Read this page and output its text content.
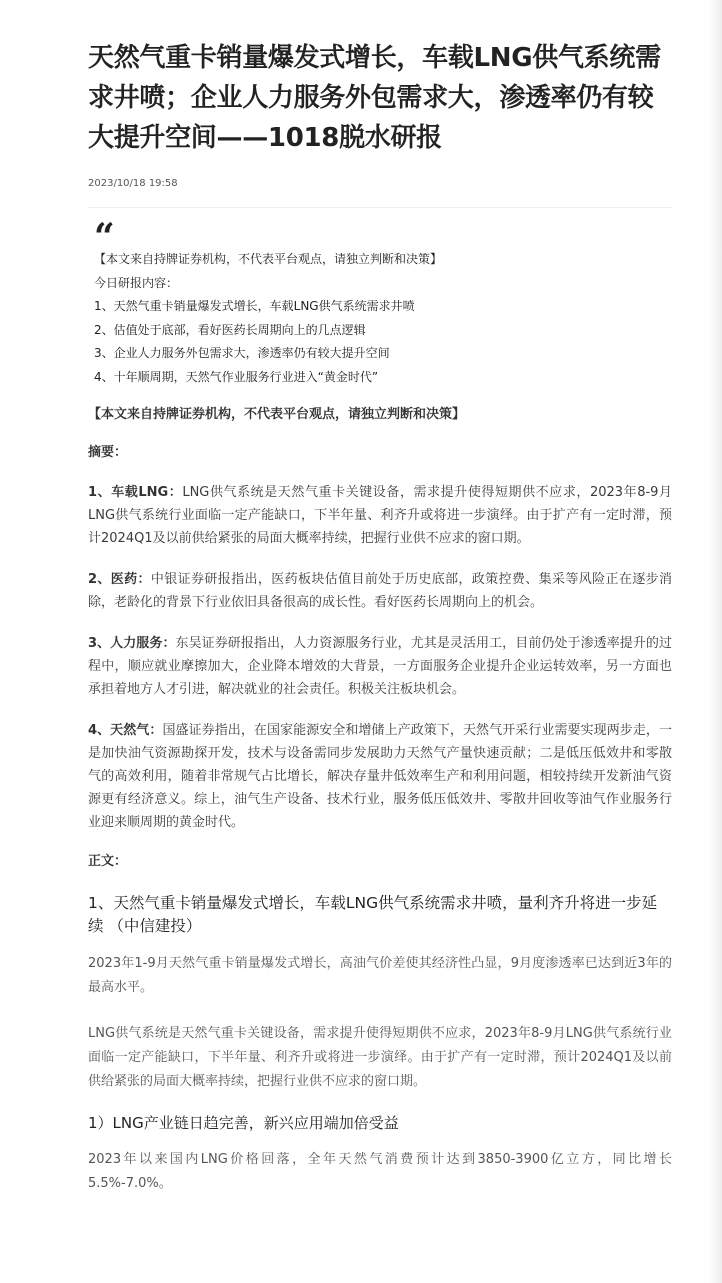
天然气重卡销量爆发式增长，车载LNG供气系统需求井喷；企业人力服务外包需求大，渗透率仍有较大提升空间——1018脱水研报
2023/10/18 19:58
“
【本文来自持牌证券机构，不代表平台观点，请独立判断和决策】
今日研报内容：
1、天然气重卡销量爆发式增长，车载LNG供气系统需求井喷
2、估值处于底部，看好医药长周期向上的几点逻辑
3、企业人力服务外包需求大，渗透率仍有较大提升空间
4、十年顺周期，天然气作业服务行业进入“黄金时代”
【本文来自持牌证券机构，不代表平台观点，请独立判断和决策】
摘要：
1、车载LNG：LNG供气系统是天然气重卡关键设备，需求提升使得短期供不应求，2023年8-9月LNG供气系统行业面临一定产能缺口，下半年量、利齐升或将进一步演绎。由于扩产有一定时滞，预计2024Q1及以前供给紧张的局面大概率持续，把握行业供不应求的窗口期。
2、医药：中银证券研报指出，医药板块估值目前处于历史底部，政策控费、集采等风险正在逐步消除，老龄化的背景下行业依旧具备很高的成长性。看好医药长周期向上的机会。
3、人力服务：东吴证券研报指出，人力资源服务行业，尤其是灵活用工，目前仍处于渗透率提升的过程中，顺应就业摩擦加大，企业降本增效的大背景，一方面服务企业提升企业运转效率，另一方面也承担着地方人才引进，解决就业的社会责任。积极关注板块机会。
4、天然气：国盛证券指出，在国家能源安全和增储上产政策下，天然气开采行业需要实现两步走，一是加快油气资源勘探开发，技术与设备需同步发展助力天然气产量快速贡献；二是低压低效井和零散气的高效利用，随着非常规气占比增长，解决存量井低效率生产和利用问题，相较持续开发新油气资源更有经济意义。综上，油气生产设备、技术行业，服务低压低效井、零散井回收等油气作业服务行业迎来顺周期的黄金时代。
正文：
1、天然气重卡销量爆发式增长，车载LNG供气系统需求井喷，量利齐升将进一步延续 （中信建投）
2023年1-9月天然气重卡销量爆发式增长，高油气价差使其经济性凸显，9月度渗透率已达到近3年的最高水平。
LNG供气系统是天然气重卡关键设备，需求提升使得短期供不应求，2023年8-9月LNG供气系统行业面临一定产能缺口，下半年量、利齐升或将进一步演绎。由于扩产有一定时滞，预计2024Q1及以前供给紧张的局面大概率持续，把握行业供不应求的窗口期。
1）LNG产业链日趋完善，新兴应用端加倍受益
2023年以来国内LNG价格回落，全年天然气消费预计达到3850-3900亿立方，同比增长5.5%-7.0%。
